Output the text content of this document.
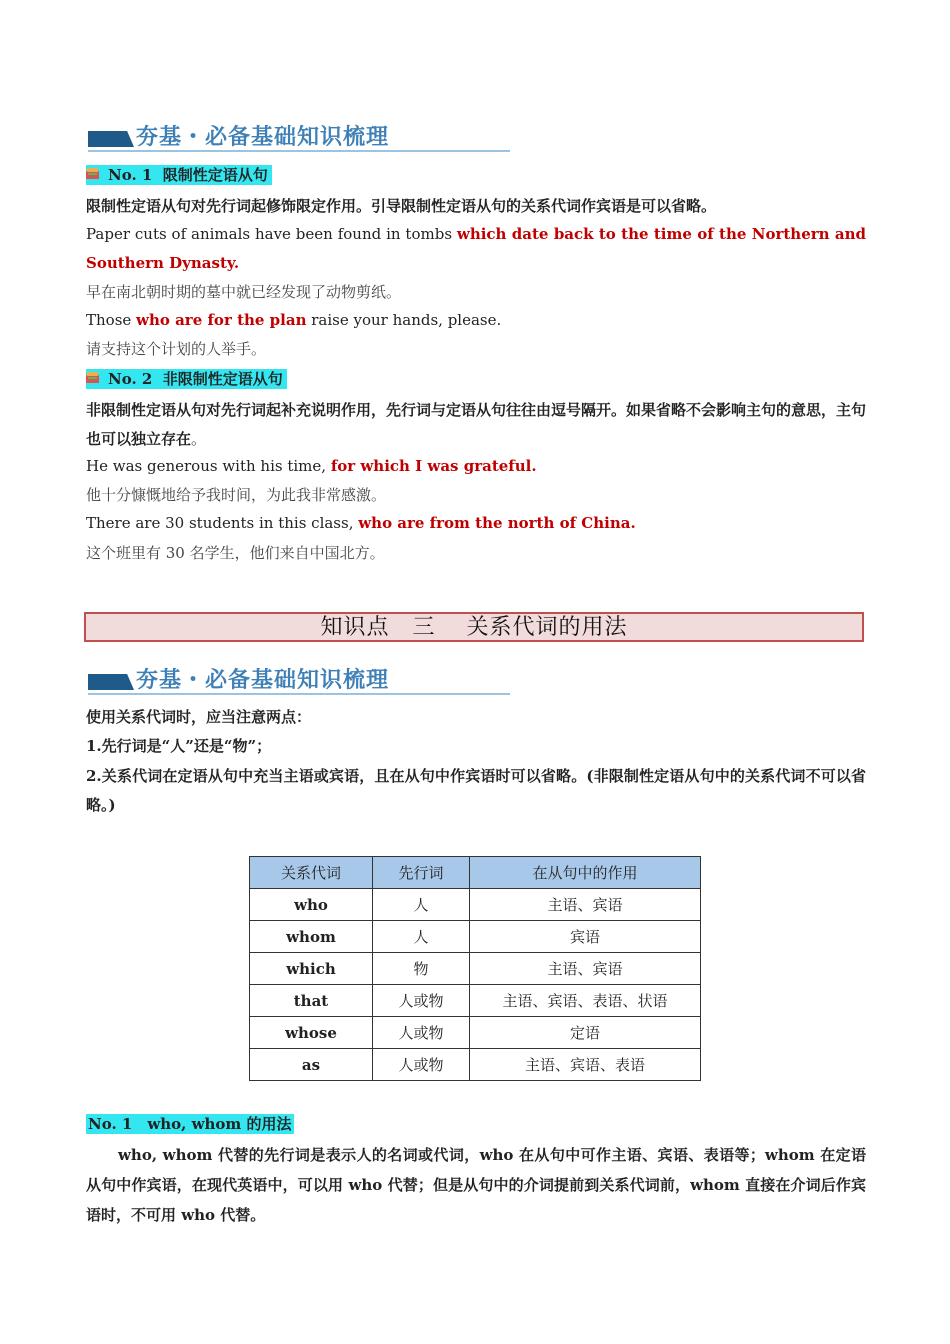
夯基・必备基础知识梳理
No. 1 限制性定语从句
限制性定语从句对先行词起修饰限定作用。引导限制性定语从句的关系代词作宾语是可以省略。
Paper cuts of animals have been found in tombs which date back to the time of the Northern and Southern Dynasty.
早在南北朝时期的墓中就已经发现了动物剪纸。
Those who are for the plan raise your hands, please.
请支持这个计划的人举手。
No. 2 非限制性定语从句
非限制性定语从句对先行词起补充说明作用，先行词与定语从句往往由逗号隔开。如果省略不会影响主句的意思，主句也可以独立存在。
He was generous with his time, for which I was grateful.
他十分慷慨地给予我时间，为此我非常感激。
There are 30 students in this class, who are from the north of China.
这个班里有 30 名学生，他们来自中国北方。
知识点　三　 关系代词的用法
夯基・必备基础知识梳理
使用关系代词时，应当注意两点：
1.先行词是“人”还是“物”；
2.关系代词在定语从句中充当主语或宾语，且在从句中作宾语时可以省略。(非限制性定语从句中的关系代词不可以省略。)
关系代词	先行词	在从句中的作用
who	人	主语、宾语
whom	人	宾语
which	物	主语、宾语
that	人或物	主语、宾语、表语、状语
whose	人或物	定语
as	人或物	主语、宾语、表语
No. 1　who, whom 的用法
who, whom 代替的先行词是表示人的名词或代词，who 在从句中可作主语、宾语、表语等；whom 在定语从句中作宾语，在现代英语中，可以用 who 代替；但是从句中的介词提前到关系代词前，whom 直接在介词后作宾语时，不可用 who 代替。
